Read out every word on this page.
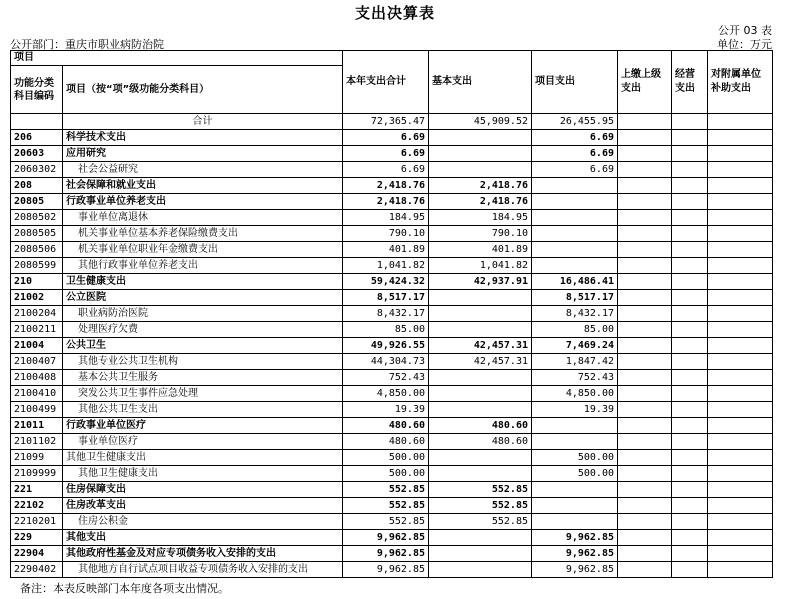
支出决算表
公开 03 表
公开部门：重庆市职业病防治院	单位：万元
项目		本年支出合计	基本支出	项目支出	上缴上级支出	经营支出	对附属单位补助支出
功能分类科目编码	项目（按“项”级功能分类科目）						
	合计	72,365.47	45,909.52	26,455.95			
206	科学技术支出	6.69		6.69			
20603	应用研究	6.69		6.69			
2060302	社会公益研究	6.69		6.69			
208	社会保障和就业支出	2,418.76	2,418.76				
20805	行政事业单位养老支出	2,418.76	2,418.76				
2080502	事业单位离退休	184.95	184.95				
2080505	机关事业单位基本养老保险缴费支出	790.10	790.10				
2080506	机关事业单位职业年金缴费支出	401.89	401.89				
2080599	其他行政事业单位养老支出	1,041.82	1,041.82				
210	卫生健康支出	59,424.32	42,937.91	16,486.41			
21002	公立医院	8,517.17		8,517.17			
2100204	职业病防治医院	8,432.17		8,432.17			
2100211	处理医疗欠费	85.00		85.00			
21004	公共卫生	49,926.55	42,457.31	7,469.24			
2100407	其他专业公共卫生机构	44,304.73	42,457.31	1,847.42			
2100408	基本公共卫生服务	752.43		752.43			
2100410	突发公共卫生事件应急处理	4,850.00		4,850.00			
2100499	其他公共卫生支出	19.39		19.39			
21011	行政事业单位医疗	480.60	480.60				
2101102	事业单位医疗	480.60	480.60				
21099	其他卫生健康支出	500.00		500.00			
2109999	其他卫生健康支出	500.00		500.00			
221	住房保障支出	552.85	552.85				
22102	住房改革支出	552.85	552.85				
2210201	住房公积金	552.85	552.85				
229	其他支出	9,962.85		9,962.85			
22904	其他政府性基金及对应专项债务收入安排的支出	9,962.85		9,962.85			
2290402	其他地方自行试点项目收益专项债务收入安排的支出	9,962.85		9,962.85			
备注：本表反映部门本年度各项支出情况。
